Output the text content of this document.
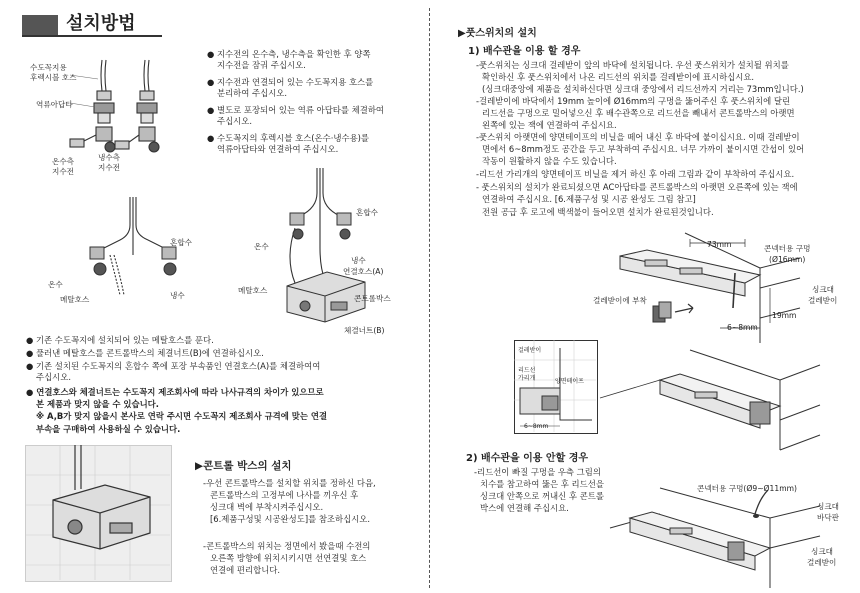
설치방법
수도꼭지용
후렉시블 호스
역류아답타
온수측
지수전
냉수측
지수전
● 지수전의 온수측, 냉수측을 확인한 후 양쪽
지수전을 잠궈 주십시오.
● 지수전과 연결되어 있는 수도꼭지용 호스를
분리하여 주십시오.
● 별도로 포장되어 있는 역류 아답타를 체결하여
주십시오.
● 수도꼭지의 후렉시블 호스(온수·냉수용)를
역류아답타와 연결하여 주십시오.
혼합수
온수
메탈호스	냉수
혼합수
온수
냉수
연결호스(A)
메탈호스
콘트롤박스
체결너트(B)
● 기존 수도꼭지에 설치되어 있는 메탈호스를 푼다.
● 풀러낸 메탈호스를 콘트롤박스의 체결너트(B)에 연결하십시오.
● 기존 설치된 수도꼭지의 혼합수 쪽에 포장 부속품인 연결호스(A)를 체결하여여
주십시오.
● 연결호스와 체결너트는 수도꼭지 제조회사에 따라 나사규격의 차이가 있으므로
본 제품과 맞지 않을 수 있습니다.
※ A,B가 맞지 않을시 본사로 연락 주시면 수도꼭지 제조회사 규격에 맞는 연결
부속을 구매하여 사용하실 수 있습니다.
▶콘트롤 박스의 설치
-우선 콘트롤박스를 설치할 위치를 정하신 다음,
콘트롤박스의 고정부에 나사를 끼우신 후
싱크대 벽에 부착시켜주십시오.
[6.제품구성및 시공완성도]를 참조하십시오.
-콘트롤박스의 위치는 정면에서 봤을때 수전의
오른쪽 방향에 위치시키시면 선연결및 호스
연결에 편리합니다.
▶풋스위치의 설치
1) 배수관을 이용 할 경우
-풋스위치는 싱크대 걸레받이 앞의 바닥에 설치됩니다. 우선 풋스위치가 설치될 위치를
확인하신 후 풋스위치에서 나온 리드선의 위치를 걸레받이에 표시하십시요.
(싱크대중앙에 제품을 설치하신다면 싱크대 중앙에서 리드선까지 거리는 73mm입니다.)
-걸레받이에 바닥에서 19mm 높이에 Ø16mm의 구멍을 뚫어주신 후 풋스위치에 달린
리드선을 구멍으로 밀어넣으신 후 배수관쪽으로 리드선을 빼내서 콘트롤박스의 아랫면
왼쪽에 있는 잭에 연결하여 주십시요.
-풋스위치 아랫면에 양면테이프의 비닐을 떼어 내신 후 바닥에 붙이십시요. 이때 걸레받이
면에서 6~8mm정도 공간을 두고 부착하여 주십시요. 너무 가까이 붙이시면 간섭이 있어
작동이 원활하지 않을 수도 있습니다.
-리드선 가리개의 양면테이프 비닐을 제거 하신 후 아래 그림과 같이 부착하여 주십시요.
- 풋스위치의 설치가 완료되셨으면 AC아답타를 콘트롤박스의 아랫면 오른쪽에 있는 잭에
연결하여 주십시요. [6.제품구성 및 시공 완성도 그림 참고]
전원 공급 후 로고에 백색불이 들어오면 설치가 완료된것입니다.
73mm	콘넥터용 구멍
(Ø16mm)
걸레받이에 부착
싱크대
걸레받이
19mm
6~8mm
걸레받이
리드선
가리개	양면테이프
6~8mm
2) 배수관을 이용 안할 경우
-리드선이 빠질 구멍을 우측 그림의
치수를 참고하여 뚫은 후 리드선을
싱크대 안쪽으로 꺼내신 후 콘트롤
박스에 연결해 주십시요.
콘넥터용 구멍(Ø9~Ø11mm)
싱크대
바닥판
싱크대
걸레받이
